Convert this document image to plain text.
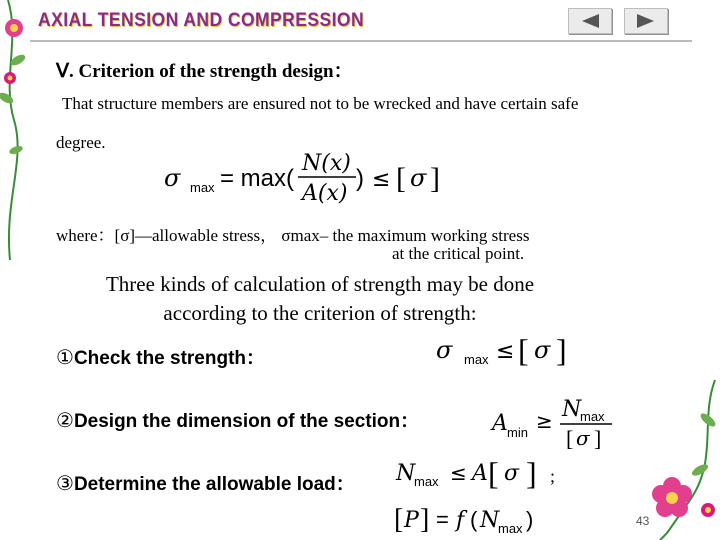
AXIAL TENSION AND COMPRESSION
Ⅴ. Criterion of the strength design：
That structure members are ensured not to be wrecked and have certain safe
degree.
σ max = max(
N(x)
A(x)
) ≤ [ σ ]
where：[σ]—allowable stress， σmax– the maximum working stress
at the critical point.
Three kinds of calculation of strength may be done
according to the criterion of strength:
①Check the strength：	σ max ≤ [ σ ]
②Design the dimension of the section：	A min ≥ N
max
[ σ ]
③Determine the allowable load： N
max ≤ A [ σ ] ;
[ P ] = f ( N
max )	43
